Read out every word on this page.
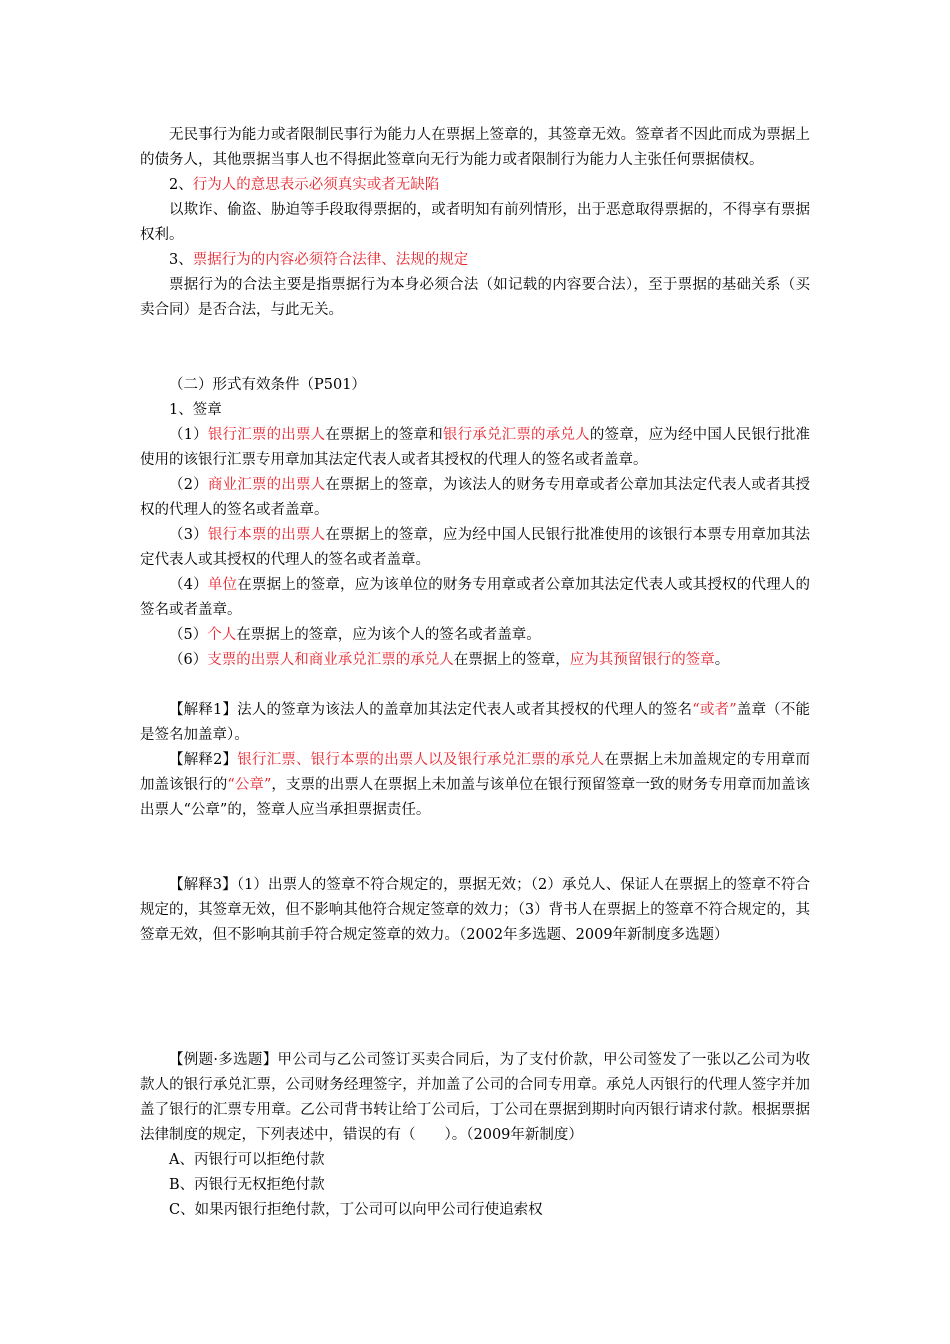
无民事行为能力或者限制民事行为能力人在票据上签章的，其签章无效。签章者不因此而成为票据上的债务人，其他票据当事人也不得据此签章向无行为能力或者限制行为能力人主张任何票据债权。

2、行为人的意思表示必须真实或者无缺陷

以欺诈、偷盗、胁迫等手段取得票据的，或者明知有前列情形，出于恶意取得票据的，不得享有票据权利。

3、票据行为的内容必须符合法律、法规的规定

票据行为的合法主要是指票据行为本身必须合法（如记载的内容要合法），至于票据的基础关系（买卖合同）是否合法，与此无关。

（二）形式有效条件（P501）

1、签章

（1）银行汇票的出票人在票据上的签章和银行承兑汇票的承兑人的签章，应为经中国人民银行批准使用的该银行汇票专用章加其法定代表人或者其授权的代理人的签名或者盖章。

（2）商业汇票的出票人在票据上的签章，为该法人的财务专用章或者公章加其法定代表人或者其授权的代理人的签名或者盖章。

（3）银行本票的出票人在票据上的签章，应为经中国人民银行批准使用的该银行本票专用章加其法定代表人或其授权的代理人的签名或者盖章。

（4）单位在票据上的签章，应为该单位的财务专用章或者公章加其法定代表人或其授权的代理人的签名或者盖章。

（5）个人在票据上的签章，应为该个人的签名或者盖章。

（6）支票的出票人和商业承兑汇票的承兑人在票据上的签章，应为其预留银行的签章。

【解释1】法人的签章为该法人的盖章加其法定代表人或者其授权的代理人的签名“或者”盖章（不能是签名加盖章）。

【解释2】银行汇票、银行本票的出票人以及银行承兑汇票的承兑人在票据上未加盖规定的专用章而加盖该银行的“公章”，支票的出票人在票据上未加盖与该单位在银行预留签章一致的财务专用章而加盖该出票人“公章”的，签章人应当承担票据责任。

【解释3】（1）出票人的签章不符合规定的，票据无效；（2）承兑人、保证人在票据上的签章不符合规定的，其签章无效，但不影响其他符合规定签章的效力；（3）背书人在票据上的签章不符合规定的，其签章无效，但不影响其前手符合规定签章的效力。（2002年多选题、2009年新制度多选题）

【例题·多选题】甲公司与乙公司签订买卖合同后，为了支付价款，甲公司签发了一张以乙公司为收款人的银行承兑汇票，公司财务经理签字，并加盖了公司的合同专用章。承兑人丙银行的代理人签字并加盖了银行的汇票专用章。乙公司背书转让给丁公司后，丁公司在票据到期时向丙银行请求付款。根据票据法律制度的规定，下列表述中，错误的有（　　）。（2009年新制度）

A、丙银行可以拒绝付款

B、丙银行无权拒绝付款

C、如果丙银行拒绝付款，丁公司可以向甲公司行使追索权
